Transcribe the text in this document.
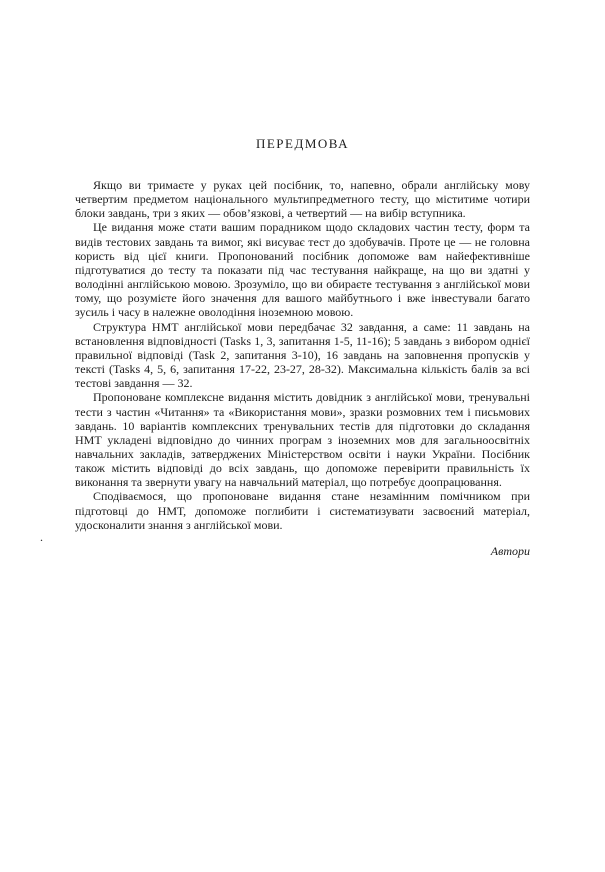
ПЕРЕДМОВА

Якщо ви тримаєте у руках цей посібник, то, напевно, обрали англійську мову четвертим предметом національного мультипредметного тесту, що міститиме чотири блоки завдань, три з яких — обов’язкові, а четвертий — на вибір вступника.

Це видання може стати вашим порадником щодо складових частин тесту, форм та видів тестових завдань та вимог, які висуває тест до здобувачів. Проте це — не головна користь від цієї книги. Пропонований посібник допоможе вам найефективніше підготуватися до тесту та показати під час тестування найкраще, на що ви здатні у володінні англійською мовою. Зрозуміло, що ви обираєте тестування з англійської мови тому, що розумієте його значення для вашого майбутнього і вже інвестували багато зусиль і часу в належне оволодіння іноземною мовою.

Структура НМТ англійської мови передбачає 32 завдання, а саме: 11 завдань на встановлення відповідності (Tasks 1, 3, запитання 1-5, 11-16); 5 завдань з вибором однієї правильної відповіді (Task 2, запитання 3-10), 16 завдань на заповнення пропусків у тексті (Tasks 4, 5, 6, запитання 17-22, 23-27, 28-32). Максимальна кількість балів за всі тестові завдання — 32.

Пропоноване комплексне видання містить довідник з англійської мови, тренувальні тести з частин «Читання» та «Використання мови», зразки розмовних тем і письмових завдань. 10 варіантів комплексних тренувальних тестів для підготовки до складання НМТ укладені відповідно до чинних програм з іноземних мов для загальноосвітніх навчальних закладів, затверджених Міністерством освіти і науки України. Посібник також містить відповіді до всіх завдань, що допоможе перевірити правильність їх виконання та звернути увагу на навчальний матеріал, що потребує доопрацювання.

Сподіваємося, що пропоноване видання стане незамінним помічником при підготовці до НМТ, допоможе поглибити і систематизувати засвоєний матеріал, удосконалити знання з англійської мови.

Автори
.
